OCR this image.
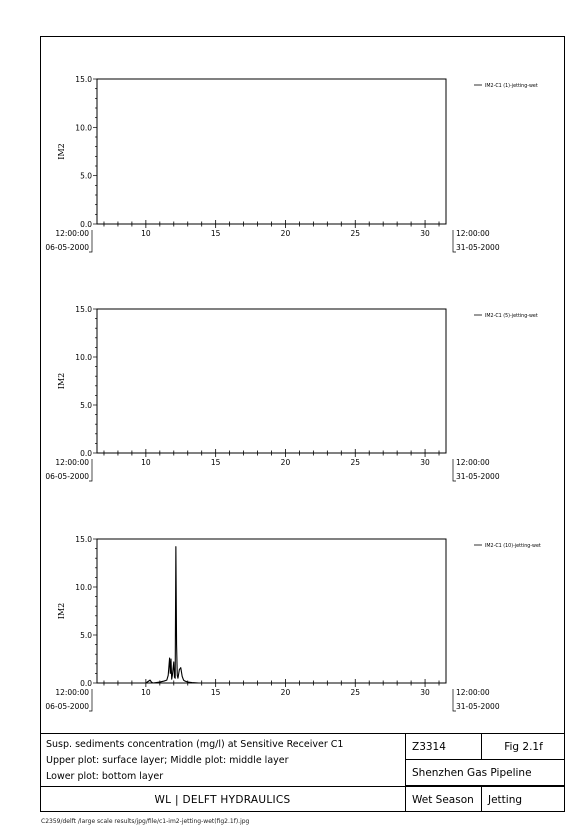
0.0
5.0
10.0
15.0
IM2
10	15	20	25	30
12:00:00
06-05-2000
12:00:00
31-05-2000
IM2-C1 (1)-jetting-wet
0.0
5.0
10.0
15.0
IM2
10	15	20	25	30
12:00:00
06-05-2000
12:00:00
31-05-2000
IM2-C1 (5)-jetting-wet
0.0
5.0
10.0
15.0
IM2
10	15	20	25	30
12:00:00
06-05-2000
12:00:00
31-05-2000
IM2-C1 (10)-jetting-wet
Susp. sediments concentration (mg/l) at Sensitive Receiver C1
Upper plot: surface layer; Middle plot: middle layer
Lower plot: bottom layer
Z3314	Fig 2.1f
Shenzhen Gas Pipeline
WL | DELFT HYDRAULICS	Wet Season	Jetting
C2359/delft /large scale results/jpg/file/c1-im2-jetting-wet(fig2.1f).jpg
